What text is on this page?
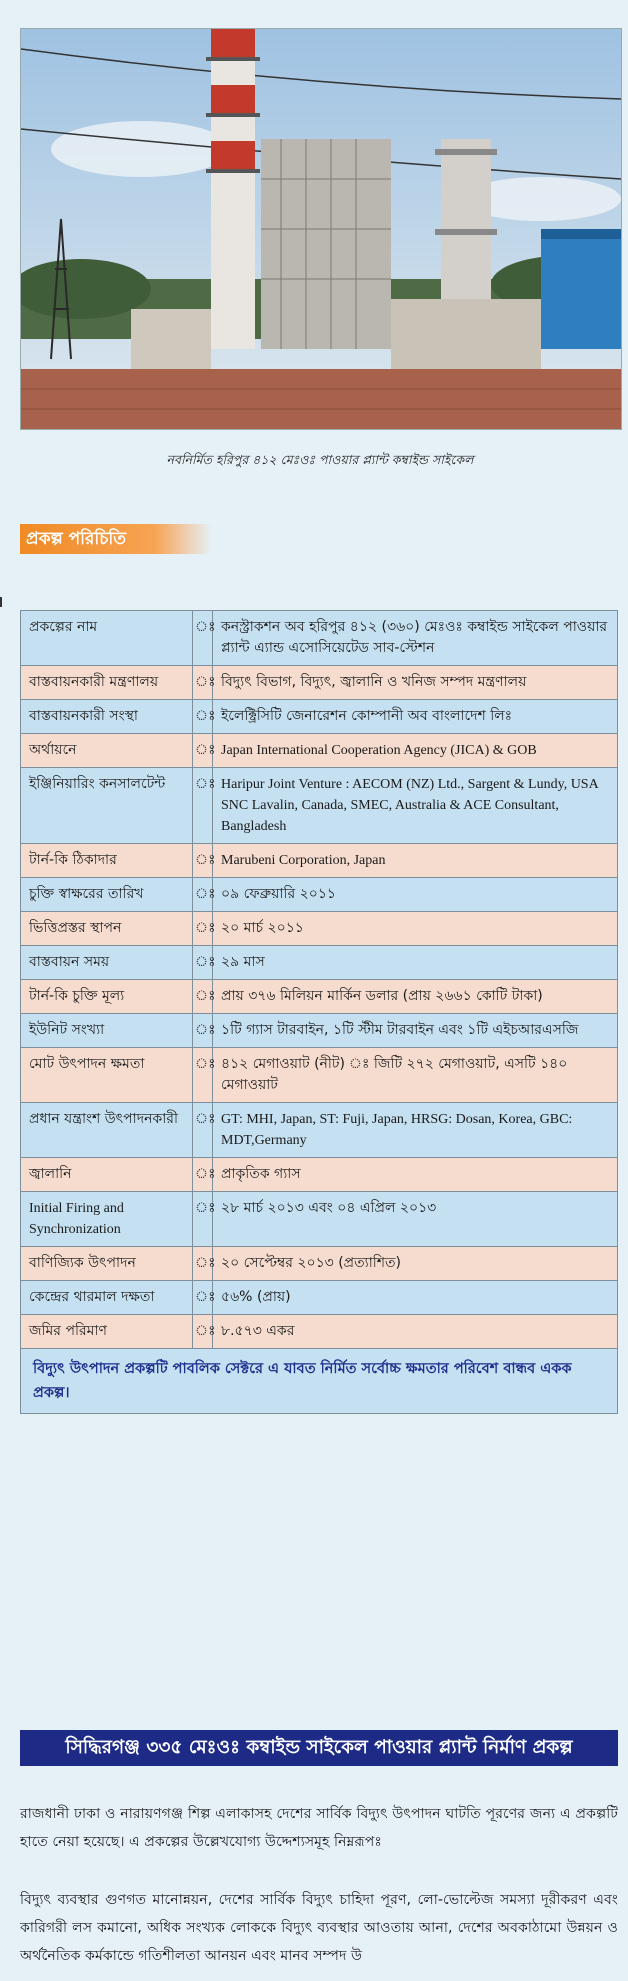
নবনির্মিত হরিপুর ৪১২ মেঃওঃ পাওয়ার প্ল্যান্ট কম্বাইন্ড সাইকেল
প্রকল্প পরিচিতি
প্রকল্পের নাম	ঃ	কনস্ট্রাকশন অব হরিপুর ৪১২ (৩৬০) মেঃওঃ কম্বাইন্ড সাইকেল পাওয়ার প্ল্যান্ট এ্যান্ড এসোসিয়েটেড সাব-স্টেশন
বাস্তবায়নকারী মন্ত্রণালয়	ঃ	বিদ্যুৎ বিভাগ, বিদ্যুৎ, জ্বালানি ও খনিজ সম্পদ মন্ত্রণালয়
বাস্তবায়নকারী সংস্থা	ঃ	ইলেক্ট্রিসিটি জেনারেশন কোম্পানী অব বাংলাদেশ লিঃ
অর্থায়নে	ঃ	Japan International Cooperation Agency (JICA) & GOB
ইঞ্জিনিয়ারিং কনসালটেন্ট	ঃ	Haripur Joint Venture : AECOM (NZ) Ltd., Sargent & Lundy, USA SNC Lavalin, Canada, SMEC, Australia & ACE Consultant, Bangladesh
টার্ন-কি ঠিকাদার	ঃ	Marubeni Corporation, Japan
চুক্তি স্বাক্ষরের তারিখ	ঃ	০৯ ফেব্রুয়ারি ২০১১
ভিত্তিপ্রস্তর স্থাপন	ঃ	২০ মার্চ ২০১১
বাস্তবায়ন সময়	ঃ	২৯ মাস
টার্ন-কি চুক্তি মূল্য	ঃ	প্রায় ৩৭৬ মিলিয়ন মার্কিন ডলার (প্রায় ২৬৬১ কোটি টাকা)
ইউনিট সংখ্যা	ঃ	১টি গ্যাস টারবাইন, ১টি স্টীম টারবাইন এবং ১টি এইচআরএসজি
মোট উৎপাদন ক্ষমতা	ঃ	৪১২ মেগাওয়াট (নীট) ঃ জিটি ২৭২ মেগাওয়াট, এসটি ১৪০ মেগাওয়াট
প্রধান যন্ত্রাংশ উৎপাদনকারী	ঃ	GT: MHI, Japan, ST: Fuji, Japan, HRSG: Dosan, Korea, GBC: MDT,Germany
জ্বালানি	ঃ	প্রাকৃতিক গ্যাস
Initial Firing and Synchronization	ঃ	২৮ মার্চ ২০১৩ এবং ০৪ এপ্রিল ২০১৩
বাণিজ্যিক উৎপাদন	ঃ	২০ সেপ্টেম্বর ২০১৩ (প্রত্যাশিত)
কেন্দ্রের থারমাল দক্ষতা	ঃ	৫৬% (প্রায়)
জমির পরিমাণ	ঃ	৮.৫৭৩ একর
বিদ্যুৎ উৎপাদন প্রকল্পটি পাবলিক সেক্টরে এ যাবত নির্মিত সর্বোচ্চ ক্ষমতার পরিবেশ বান্ধব একক প্রকল্প।		
সিদ্ধিরগঞ্জ ৩৩৫ মেঃওঃ কম্বাইন্ড সাইকেল পাওয়ার প্ল্যান্ট নির্মাণ প্রকল্প
রাজধানী ঢাকা ও নারায়ণগঞ্জ শিল্প এলাকাসহ দেশের সার্বিক বিদ্যুৎ উৎপাদন ঘাটতি পূরণের জন্য এ প্রকল্পটি হাতে নেয়া হয়েছে। এ প্রকল্পের উল্লেখযোগ্য উদ্দেশ্যসমূহ নিম্নরূপঃ
বিদ্যুৎ ব্যবস্থার গুণগত মানোন্নয়ন, দেশের সার্বিক বিদ্যুৎ চাহিদা পূরণ, লো-ভোল্টেজ সমস্যা দূরীকরণ এবং কারিগরী লস কমানো, অধিক সংখ্যক লোককে বিদ্যুৎ ব্যবস্থার আওতায় আনা, দেশের অবকাঠামো উন্নয়ন ও অর্থনৈতিক কর্মকান্ডে গতিশীলতা আনয়ন এবং মানব সম্পদ উ
